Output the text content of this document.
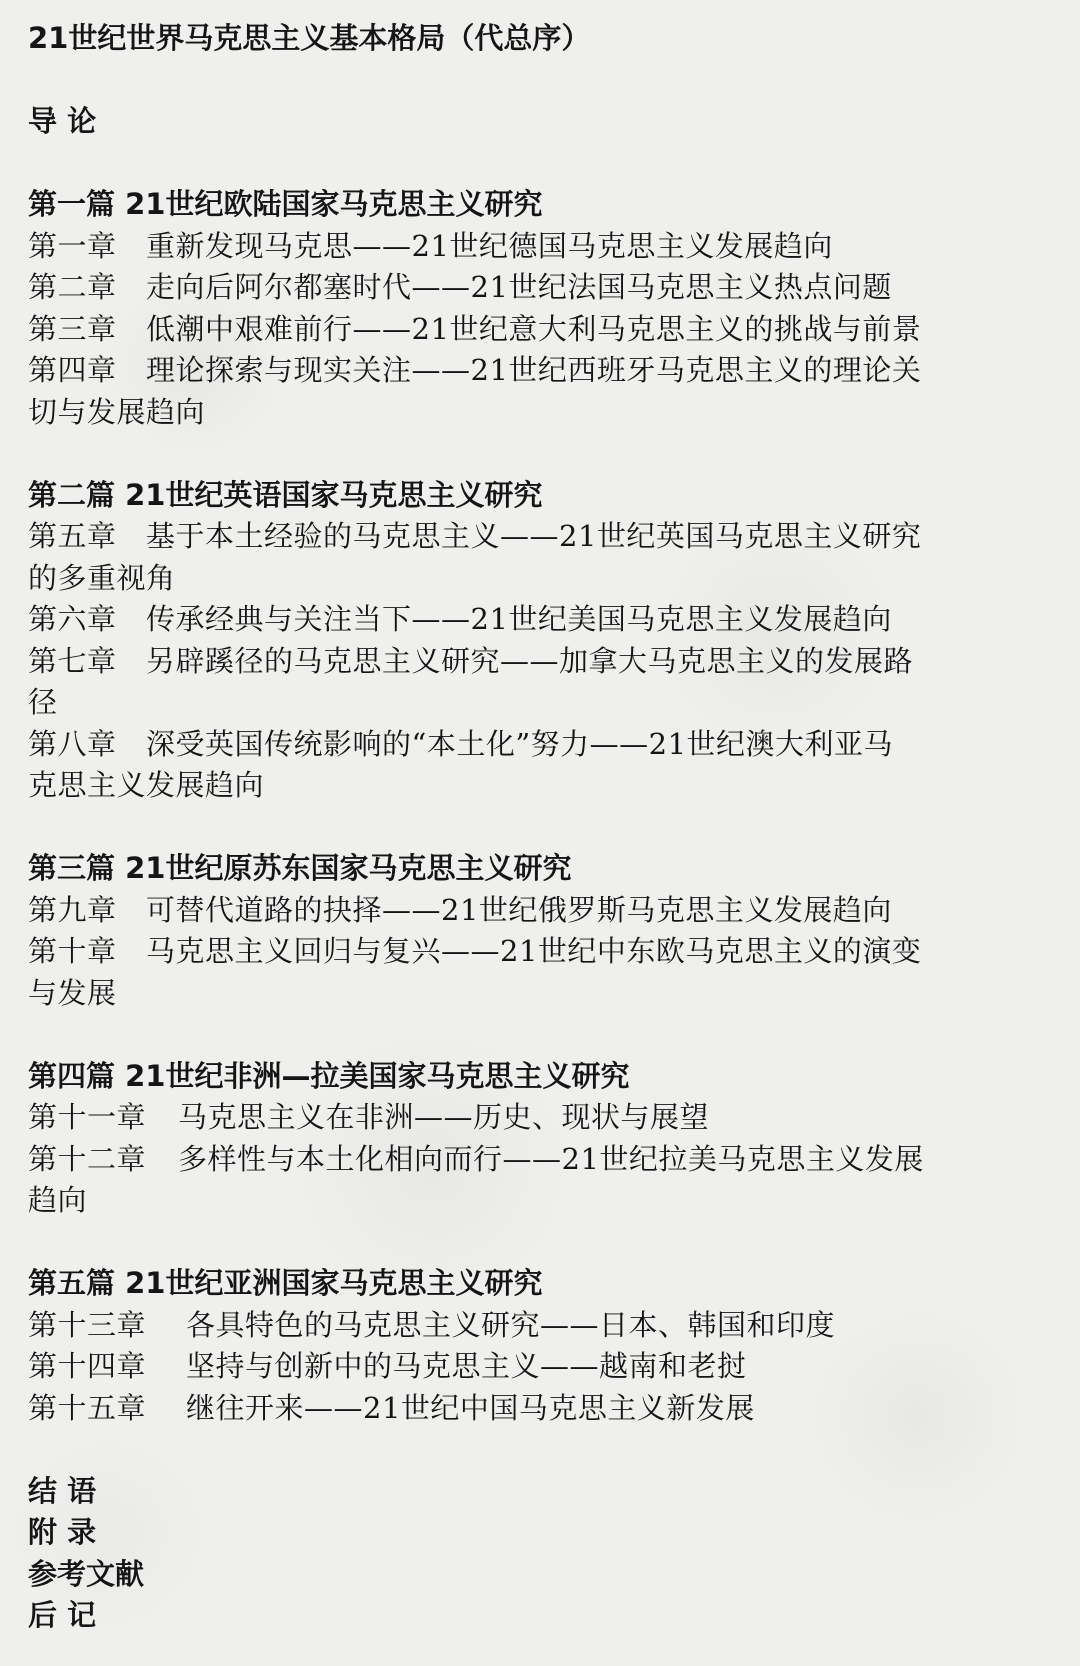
21世纪世界马克思主义基本格局（代总序）
导 论
第一篇 21世纪欧陆国家马克思主义研究
第一章 重新发现马克思——21世纪德国马克思主义发展趋向
第二章 走向后阿尔都塞时代——21世纪法国马克思主义热点问题
第三章 低潮中艰难前行——21世纪意大利马克思主义的挑战与前景
第四章 理论探索与现实关注——21世纪西班牙马克思主义的理论关
切与发展趋向
第二篇 21世纪英语国家马克思主义研究
第五章 基于本土经验的马克思主义——21世纪英国马克思主义研究
的多重视角
第六章 传承经典与关注当下——21世纪美国马克思主义发展趋向
第七章 另辟蹊径的马克思主义研究——加拿大马克思主义的发展路
径
第八章 深受英国传统影响的“本土化”努力——21世纪澳大利亚马
克思主义发展趋向
第三篇 21世纪原苏东国家马克思主义研究
第九章 可替代道路的抉择——21世纪俄罗斯马克思主义发展趋向
第十章 马克思主义回归与复兴——21世纪中东欧马克思主义的演变
与发展
第四篇 21世纪非洲—拉美国家马克思主义研究
第十一章 马克思主义在非洲——历史、现状与展望
第十二章 多样性与本土化相向而行——21世纪拉美马克思主义发展
趋向
第五篇 21世纪亚洲国家马克思主义研究
第十三章 各具特色的马克思主义研究——日本、韩国和印度
第十四章 坚持与创新中的马克思主义——越南和老挝
第十五章 继往开来——21世纪中国马克思主义新发展
结 语
附 录
参考文献
后 记
